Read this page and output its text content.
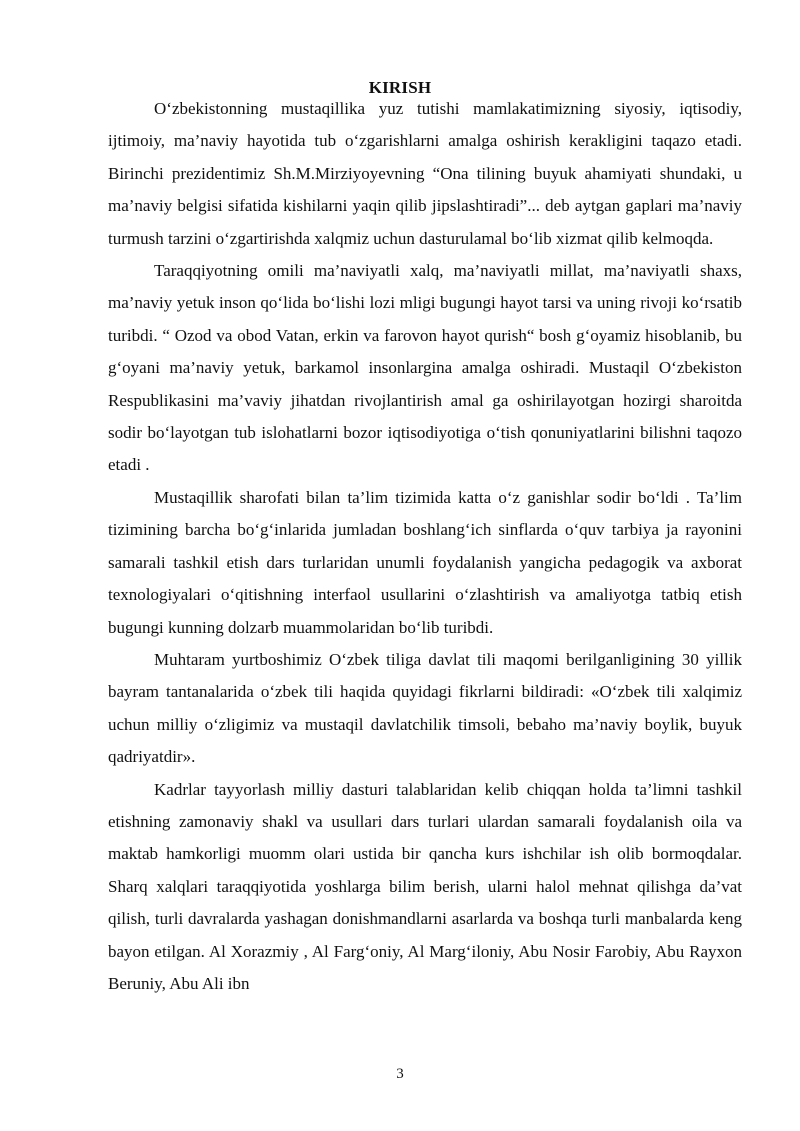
KIRISH

O‘zbekistonning mustaqillika yuz tutishi mamlakatimizning siyosiy, iqtisodiy, ijtimoiy, ma’naviy hayotida tub o‘zgarishlarni amalga oshirish kerakligini taqazo etadi. Birinchi prezidentimiz Sh.M.Mirziyoyevning “Ona tilining buyuk ahamiyati shundaki, u ma’naviy belgisi sifatida kishilarni yaqin qilib jipslashtiradi”... deb aytgan gaplari ma’naviy turmush tarzini o‘zgartirishda xalqmiz uchun dasturulamal bo‘lib xizmat qilib kelmoqda.

Taraqqiyotning omili ma’naviyatli xalq, ma’naviyatli millat, ma’naviyatli shaxs, ma’naviy yetuk inson qo‘lida bo‘lishi lozi mligi bugungi hayot tarsi va uning rivoji ko‘rsatib turibdi. “ Ozod va obod Vatan, erkin va farovon hayot qurish“ bosh g‘oyamiz hisoblanib, bu g‘oyani ma’naviy yetuk, barkamol insonlargina amalga oshiradi. Mustaqil O‘zbekiston Respublikasini ma’vaviy jihatdan rivojlantirish amal ga oshirilayotgan hozirgi sharoitda sodir bo‘layotgan tub islohatlarni bozor iqtisodiyotiga o‘tish qonuniyatlarini bilishni taqozo etadi .

Mustaqillik sharofati bilan ta’lim tizimida katta o‘z ganishlar sodir bo‘ldi . Ta’lim tizimining barcha bo‘g‘inlarida jumladan boshlang‘ich sinflarda o‘quv tarbiya ja rayonini samarali tashkil etish dars turlaridan unumli foydalanish yangicha pedagogik va axborat texnologiyalari o‘qitishning interfaol usullarini o‘zlashtirish va amaliyotga tatbiq etish bugungi kunning dolzarb muammolaridan bo‘lib turibdi.

Muhtaram yurtboshimiz O‘zbek tiliga davlat tili maqomi berilganligining 30 yillik bayram tantanalarida o‘zbek tili haqida quyidagi fikrlarni bildiradi: «O‘zbek tili xalqimiz uchun milliy o‘zligimiz va mustaqil davlatchilik timsoli, bebaho ma’naviy boylik, buyuk qadriyatdir».

Kadrlar tayyorlash milliy dasturi talablaridan kelib chiqqan holda ta’limni tashkil etishning zamonaviy shakl va usullari dars turlari ulardan samarali foydalanish oila va maktab hamkorligi muomm olari ustida bir qancha kurs ishchilar ish olib bormoqdalar. Sharq xalqlari taraqqiyotida yoshlarga bilim berish, ularni halol mehnat qilishga da’vat qilish, turli davralarda yashagan donishmandlarni asarlarda va boshqa turli manbalarda keng bayon etilgan. Al Xorazmiy , Al Farg‘oniy, Al Marg‘iloniy, Abu Nosir Farobiy, Abu Rayxon Beruniy, Abu Ali ibn

3
